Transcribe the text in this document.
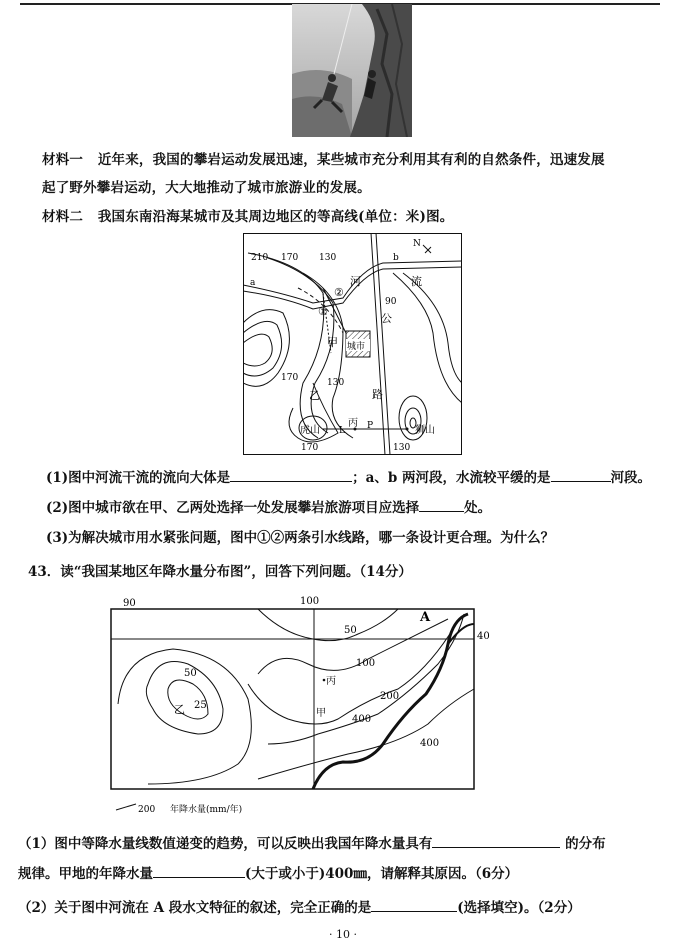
材料一 近年来，我国的攀岩运动发展迅速，某些城市充分利用其有利的自然条件，迅速发展
起了野外攀岩运动，大大地推动了城市旅游业的发展。
材料二 我国东南沿海某城市及其周边地区的等高线(单位：米)图。
210 170 130
a
b
N
河	流
90
公
路
②
①
甲 城市
170	130
乙
丙
虎山 L P	狮山
170	130
(1)图中河流干流的流向大体是	；a、b 两河段，水流较平缓的是	河段。
(2)图中城市欲在甲、乙两处选择一处发展攀岩旅游项目应选择	处。
(3)为解决城市用水紧张问题，图中①②两条引水线路，哪一条设计更合理。为什么？
43．读“我国某地区年降水量分布图”，回答下列问题。（14分）
90	100
50
A
40
100
50
25
乙
丙
200
甲
400
400
200 年降水量(mm/年)
（1）图中等降水量线数值递变的趋势，可以反映出我国年降水量具有	的分布
规律。甲地的年降水量	(大于或小于)400㎜，请解释其原因。（6分）
（2）关于图中河流在 A 段水文特征的叙述，完全正确的是	(选择填空)。（2分）
· 10 ·
